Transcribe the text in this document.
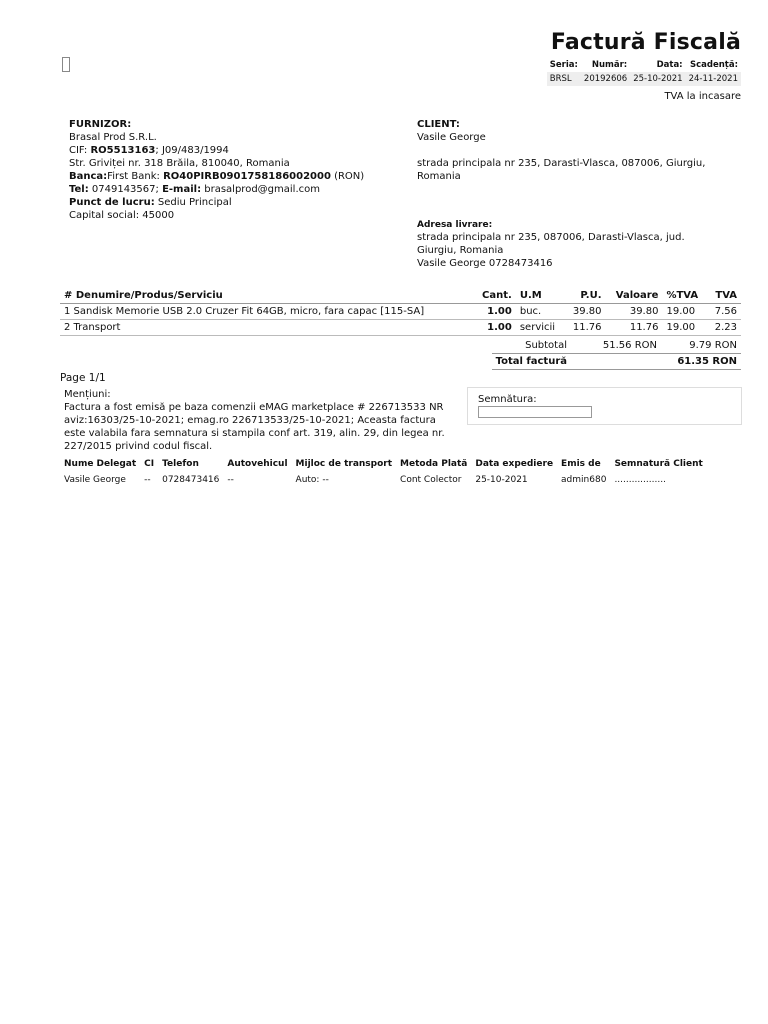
Factură Fiscală
Seria:	Număr:	Data:	Scadență:
BRSL	20192606	25-10-2021	24-11-2021
TVA la incasare
FURNIZOR:
Brasal Prod S.R.L.
CIF: RO5513163; J09/483/1994
Str. Griviței nr. 318 Brăila, 810040, Romania
Banca:First Bank: RO40PIRB0901758186002000 (RON)
Tel: 0749143567; E-mail: brasalprod@gmail.com
Punct de lucru: Sediu Principal
Capital social: 45000
CLIENT:
Vasile George
strada principala nr 235, Darasti-Vlasca, 087006, Giurgiu, Romania
Adresa livrare:
strada principala nr 235, 087006, Darasti-Vlasca, jud. Giurgiu, Romania
Vasile George 0728473416
# Denumire/Produs/Serviciu	Cant.	U.M	P.U.	Valoare	%TVA	TVA
1 Sandisk Memorie USB 2.0 Cruzer Fit 64GB, micro, fara capac [115-SA]	1.00	buc.	39.80	39.80	19.00	7.56
2 Transport	1.00	servicii	11.76	11.76	19.00	2.23
Subtotal	51.56 RON	9.79 RON
Total factură		61.35 RON
Page 1/1
Mențiuni:
Factura a fost emisă pe baza comenzii eMAG marketplace # 226713533 NR aviz:16303/25-10-2021; emag.ro 226713533/25-10-2021; Aceasta factura este valabila fara semnatura si stampila conf art. 319, alin. 29, din legea nr. 227/2015 privind codul fiscal.
Semnătura:
Nume Delegat	CI	Telefon	Autovehicul	Mijloc de transport	Metoda Plată	Data expediere	Emis de	Semnatură Client
Vasile George	--	0728473416	--	Auto: --	Cont Colector	25-10-2021	admin680	..................
